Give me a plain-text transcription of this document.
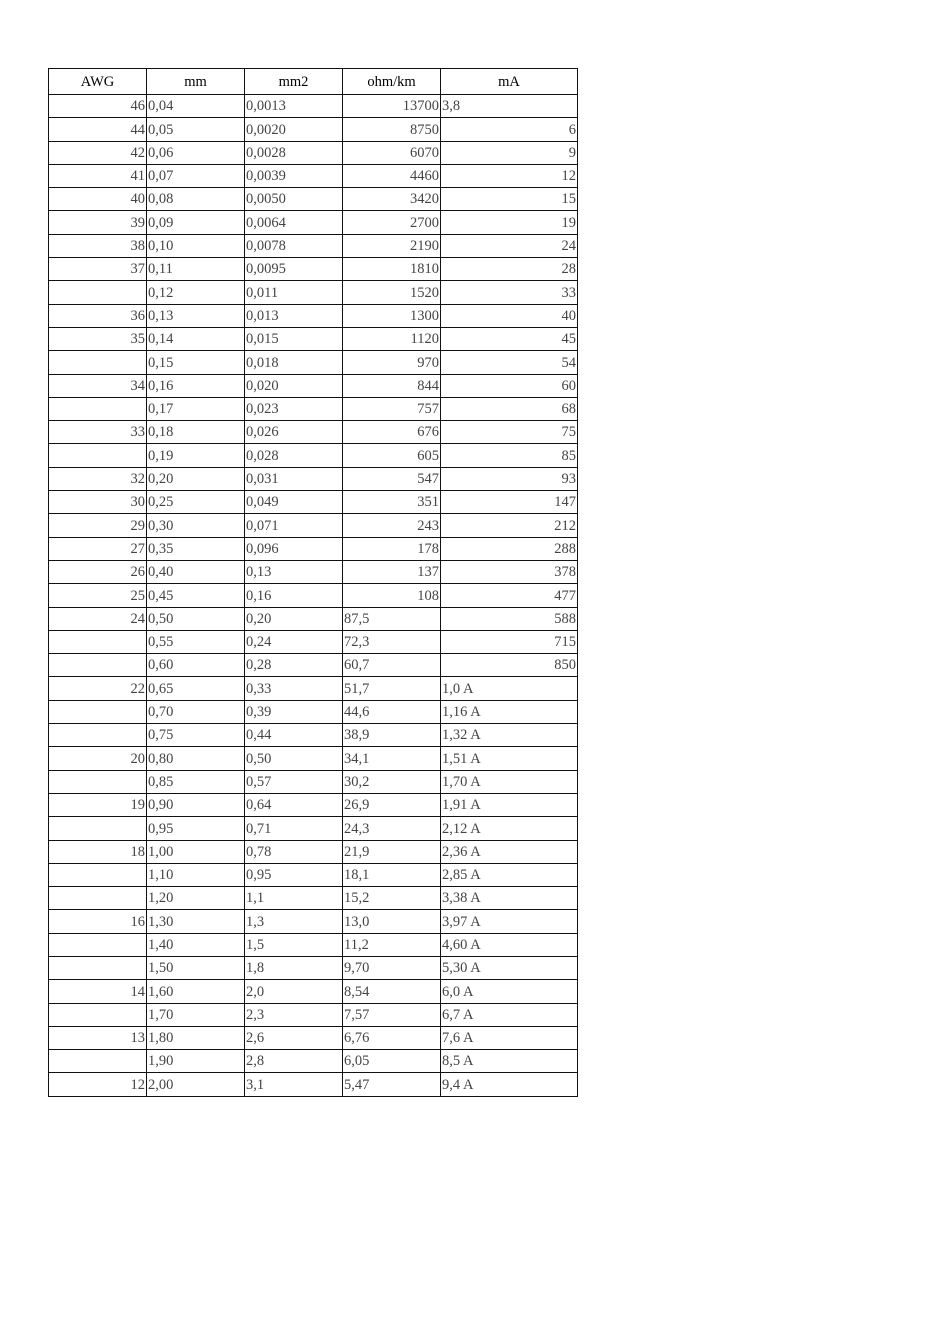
AWG	mm	mm2	ohm/km	mA
46	0,04	0,0013	13700	3,8
44	0,05	0,0020	8750	6
42	0,06	0,0028	6070	9
41	0,07	0,0039	4460	12
40	0,08	0,0050	3420	15
39	0,09	0,0064	2700	19
38	0,10	0,0078	2190	24
37	0,11	0,0095	1810	28
	0,12	0,011	1520	33
36	0,13	0,013	1300	40
35	0,14	0,015	1120	45
	0,15	0,018	970	54
34	0,16	0,020	844	60
	0,17	0,023	757	68
33	0,18	0,026	676	75
	0,19	0,028	605	85
32	0,20	0,031	547	93
30	0,25	0,049	351	147
29	0,30	0,071	243	212
27	0,35	0,096	178	288
26	0,40	0,13	137	378
25	0,45	0,16	108	477
24	0,50	0,20	87,5	588
	0,55	0,24	72,3	715
	0,60	0,28	60,7	850
22	0,65	0,33	51,7	1,0 A
	0,70	0,39	44,6	1,16 A
	0,75	0,44	38,9	1,32 A
20	0,80	0,50	34,1	1,51 A
	0,85	0,57	30,2	1,70 A
19	0,90	0,64	26,9	1,91 A
	0,95	0,71	24,3	2,12 A
18	1,00	0,78	21,9	2,36 A
	1,10	0,95	18,1	2,85 A
	1,20	1,1	15,2	3,38 A
16	1,30	1,3	13,0	3,97 A
	1,40	1,5	11,2	4,60 A
	1,50	1,8	9,70	5,30 A
14	1,60	2,0	8,54	6,0 A
	1,70	2,3	7,57	6,7 A
13	1,80	2,6	6,76	7,6 A
	1,90	2,8	6,05	8,5 A
12	2,00	3,1	5,47	9,4 A
